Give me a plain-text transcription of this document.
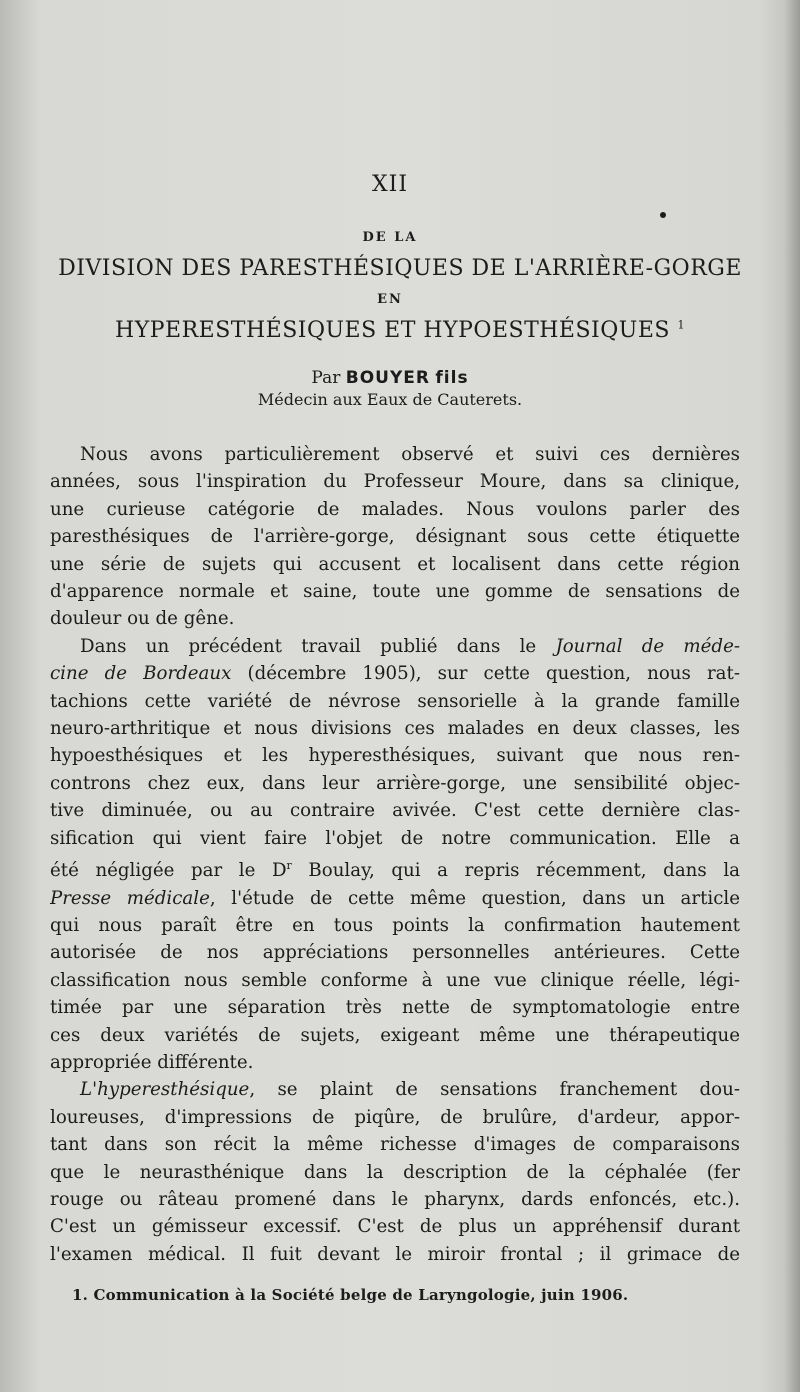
XII
DE LA
DIVISION DES PARESTHÉSIQUES DE L'ARRIÈRE-GORGE
EN
HYPERESTHÉSIQUES ET HYPOESTHÉSIQUES $^1$
Par BOUYER fils
Médecin aux Eaux de Cauterets.
Nous avons particulièrement observé et suivi ces dernières
années, sous l'inspiration du Professeur Moure, dans sa clinique,
une curieuse catégorie de malades. Nous voulons parler des
paresthésiques de l'arrière-gorge, désignant sous cette étiquette
une série de sujets qui accusent et localisent dans cette région
d'apparence normale et saine, toute une gomme de sensations de
douleur ou de gêne.
Dans un précédent travail publié dans le Journal de méde-
cine de Bordeaux (décembre 1905), sur cette question, nous rat-
tachions cette variété de névrose sensorielle à la grande famille
neuro-arthritique et nous divisions ces malades en deux classes, les
hypoesthésiques et les hyperesthésiques, suivant que nous ren-
controns chez eux, dans leur arrière-gorge, une sensibilité objec-
tive diminuée, ou au contraire avivée. C'est cette dernière clas-
sification qui vient faire l'objet de notre communication. Elle a
été négligée par le $D^r$ Boulay, qui a repris récemment, dans la
Presse médicale, l'étude de cette même question, dans un article
qui nous paraît être en tous points la confirmation hautement
autorisée de nos appréciations personnelles antérieures. Cette
classification nous semble conforme à une vue clinique réelle, légi-
timée par une séparation très nette de symptomatologie entre
ces deux variétés de sujets, exigeant même une thérapeutique
appropriée différente.
L'hyperesthésique, se plaint de sensations franchement dou-
loureuses, d'impressions de piqûre, de brulûre, d'ardeur, appor-
tant dans son récit la même richesse d'images de comparaisons
que le neurasthénique dans la description de la céphalée (fer
rouge ou râteau promené dans le pharynx, dards enfoncés, etc.).
C'est un gémisseur excessif. C'est de plus un appréhensif durant
l'examen médical. Il fuit devant le miroir frontal ; il grimace de
1. Communication à la Société belge de Laryngologie, juin 1906.
